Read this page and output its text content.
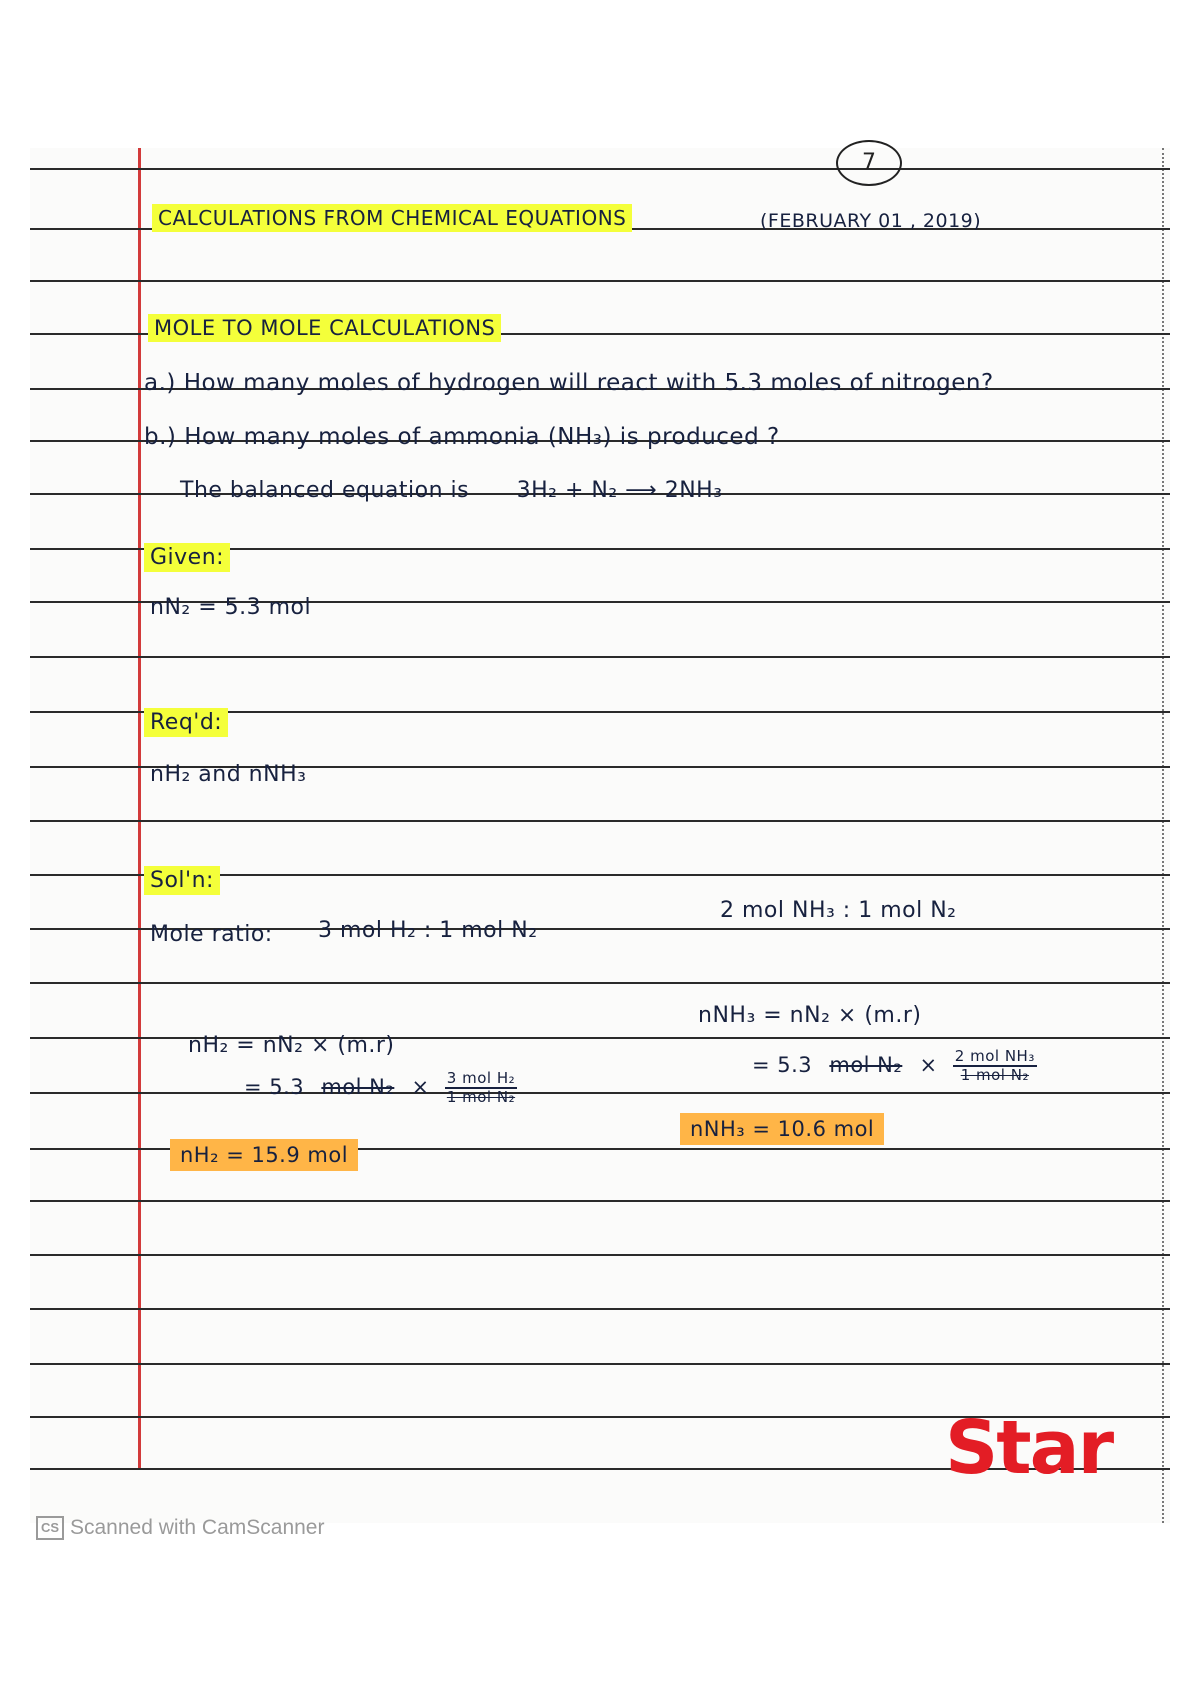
7
CALCULATIONS FROM CHEMICAL EQUATIONS	(FEBRUARY 01 , 2019)
MOLE TO MOLE CALCULATIONS
a.) How many moles of hydrogen will react with 5.3 moles of nitrogen?
b.) How many moles of ammonia (NH₃) is produced ?
The balanced equation is 3H₂ + N₂ ⟶ 2NH₃
Given:
nN₂ = 5.3 mol
Req'd:
nH₂ and nNH₃
Sol'n:
Mole ratio: 3 mol H₂ : 1 mol N₂
2 mol NH₃ : 1 mol N₂
nH₂ = nN₂ × (m.r)
= 5.3 mol $N_2 \times \frac{\text{3 mol H₂}}{\text{1 mol N₂}}$
nH₂ = 15.9 mol
nNH₃ = nN₂ × (m.r)
= 5.3 mol $N_2 \times \frac{\text{2 mol NH₃}}{\text{1 mol N₂}}$
nNH₃ = 10.6 mol
Star
CS Scanned with CamScanner
